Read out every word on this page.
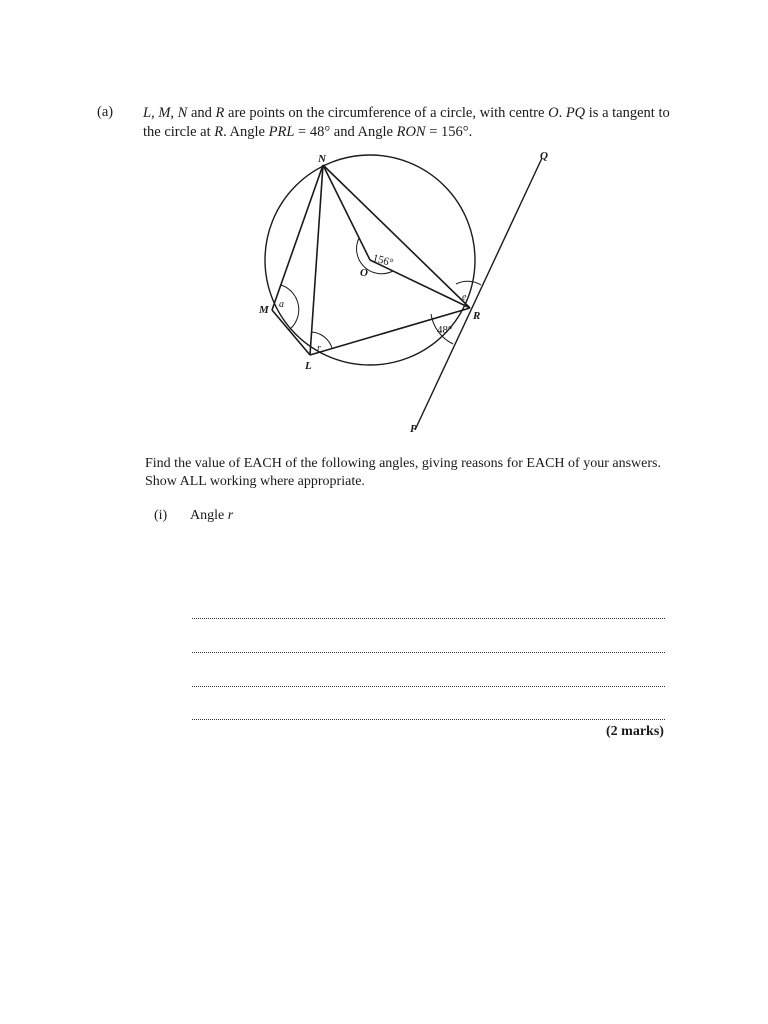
(a) L, M, N and R are points on the circumference of a circle, with centre O. PQ is a tangent to the circle at R. Angle PRL = 48° and Angle RON = 156°.

N	Q
O
M	R
L
P
a
e
r
48°
156°

Find the value of EACH of the following angles, giving reasons for EACH of your answers.

Show ALL working where appropriate.

(i) Angle r
(2 marks)
